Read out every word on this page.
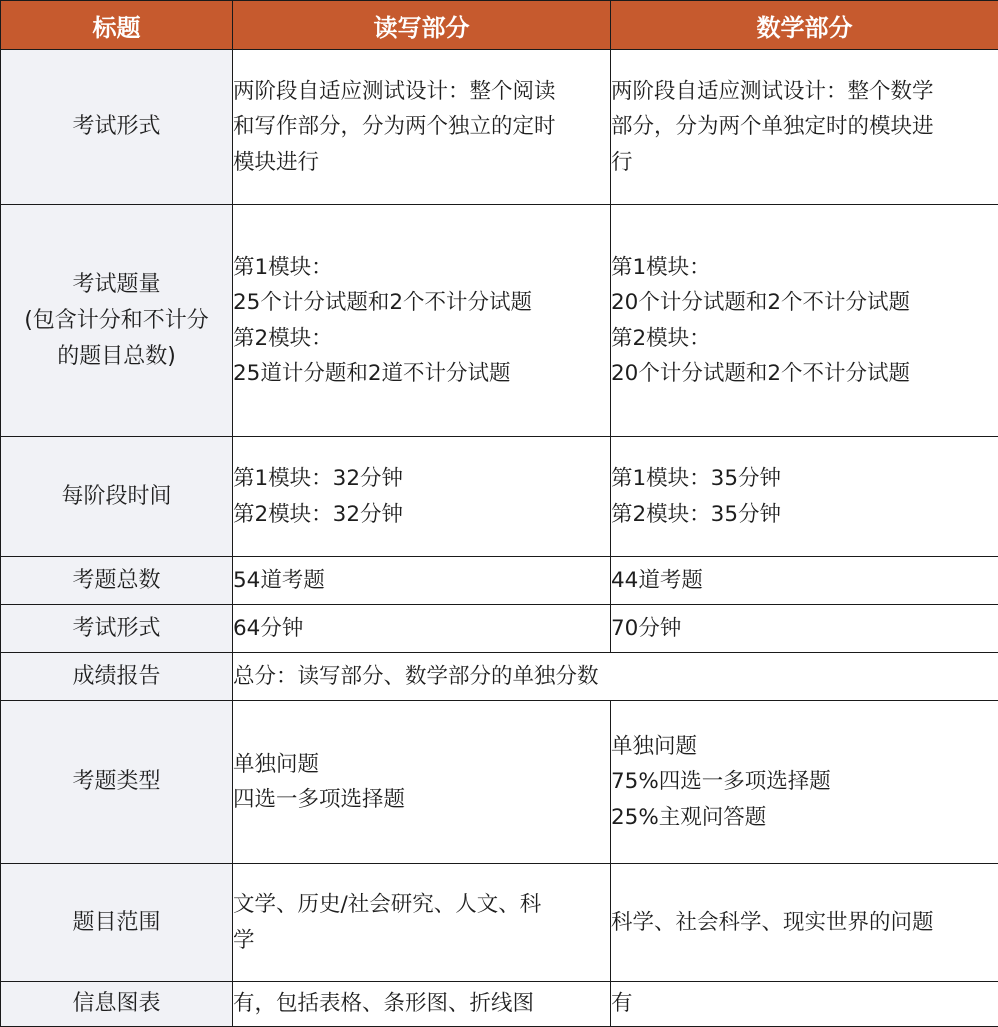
标题	读写部分	数学部分
考试形式	两阶段自适应测试设计：整个阅读
和写作部分，分为两个独立的定时
模块进行	两阶段自适应测试设计：整个数学
部分，分为两个单独定时的模块进
行

考试题量
(包含计分和不计分
的题目总数)	第1模块：
25个计分试题和2个不计分试题
第2模块：
25道计分题和2道不计分试题	第1模块：
20个计分试题和2个不计分试题
第2模块：
20个计分试题和2个不计分试题

每阶段时间	第1模块：32分钟
第2模块：32分钟	第1模块：35分钟
第2模块：35分钟

考题总数	54道考题	44道考题

考试形式	64分钟	70分钟

成绩报告	总分：读写部分、数学部分的单独分数	

考题类型	单独问题
四选一多项选择题	单独问题
75%四选一多项选择题
25%主观问答题

题目范围	文学、历史/社会研究、人文、科
学	科学、社会科学、现实世界的问题

信息图表	有，包括表格、条形图、折线图	有
